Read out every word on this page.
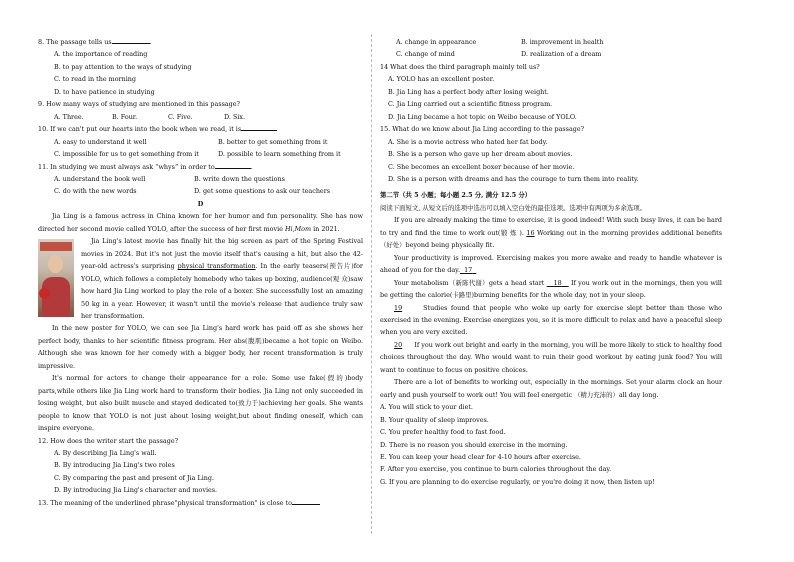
8. The passage tells us	.
A. the importance of reading
B. to pay attention to the ways of studying
C. to read in the morning
D. to have patience in studying
9. How many ways of studying are mentioned in this passage?
A. Three.	B. Four.	C. Five.	D. Six.
10. If we can't put our hearts into the book when we read, it is
A. easy to understand it well	B. better to get something from it
C. impossible for us to get something from it	D. possible to learn something from it
11. In studying we must always ask “whys” in order to	.
A. understand the book well	B. write down the questions
C. do with the new words	D. get some questions to ask our teachers
D
Jia Ling is a famous actress in China known for her humor and fun personality. She has now directed her second movie called YOLO, after the success of her first movie Hi,Mom in 2021.
Jia Ling's latest movie has finally hit the big screen as part of the Spring Festival movies in 2024. But it's not just the movie itself that's causing a hit, but also the 42-year-old actress's surprising physical transformation. In the early teasers(预告片)for YOLO, which follows a completely homebody who takes up boxing, audience(观 众)saw how hard Jia Ling worked to play the role of a boxer. She successfully lost an amazing 50 kg in a year. However, it wasn't until the movie's release that audience truly saw her transformation.
In the new poster for YOLO, we can see Jia Ling's hard work has paid off as she shows her perfect body, thanks to her scientific fitness program. Her abs(腹肌)became a hot topic on Weibo. Although she was known for her comedy with a bigger body, her recent transformation is truly impressive.
It's normal for actors to change their appearance for a role. Some use fake(假的)body parts,while others like Jia Ling work hard to transform their bodies. Jia Ling not only succeeded in losing weight, but also built muscle and stayed dedicated to(致力于)achieving her goals. She wants people to know that YOLO is not just about losing weight,but about finding oneself, which can inspire everyone.
12. How does the writer start the passage?
A. By describing Jia Ling's wall.
B. By introducing Jia Ling's two roles
C. By comparing the past and present of Jia Ling.
D. By introducing Jia Ling's character and movies.
13. The meaning of the underlined phrase"physical transformation" is close to
A. change in appearance	B. improvement in health
C. change of mind	D. realization of a dream
14 What does the third paragraph mainly tell us?
A. YOLO has an excellent poster.
B. Jia Ling has a perfect body after losing weight.
C. Jia Ling carried out a scientific fitness program.
D. Jia Ling became a hot topic on Weibo because of YOLO.
15. What do we know about Jia Ling according to the passage?
A. She is a movie actress who hated her fat body.
B. She is a person who gave up her dream about movies.
C. She becomes an excellent boxer because of her movie.
D. She is a person with dreams and has the courage to turn them into reality.
第二节（共 5 小题；每小题 2.5 分, 满分 12.5 分）
阅读下面短文, 从短文后的选项中选出可以填入空白处的最佳选项。选项中有两项为多余选项。
If you are already making the time to exercise, it is good indeed! With such busy lives, it can be hard to try and find the time to work out(锻 炼 ). 16 Working out in the morning provides additional benefits （好处）beyond being physically fit.
Your productivity is improved. Exercising makes you more awake and ready to handle whatever is ahead of you for the day. 17
Your metabolism（新陈代谢）gets a head start 18 If you work out in the mornings, then you will be getting the calorie(卡路里)burning benefits for the whole day, not in your sleep.
19	Studies found that people who woke up early for exercise slept better than those who exercised in the evening. Exercise energizes you, so it is more difficult to relax and have a peaceful sleep when you are very excited.
20 If you work out bright and early in the morning, you will be more likely to stick to healthy food choices throughout the day. Who would want to ruin their good workout by eating junk food? You will want to continue to focus on positive choices.
There are a lot of benefits to working out, especially in the mornings. Set your alarm clock an hour early and push yourself to work out! You will feel energetic （精力充沛的）all day long.
A. You will stick to your diet.
B. Your quality of sleep improves.
C. You prefer healthy food to fast food.
D. There is no reason you should exercise in the morning.
E. You can keep your head clear for 4-10 hours after exercise.
F. After you exercise, you continue to burn calories throughout the day.
G. If you are planning to do exercise regularly, or you're doing it now, then listen up!
